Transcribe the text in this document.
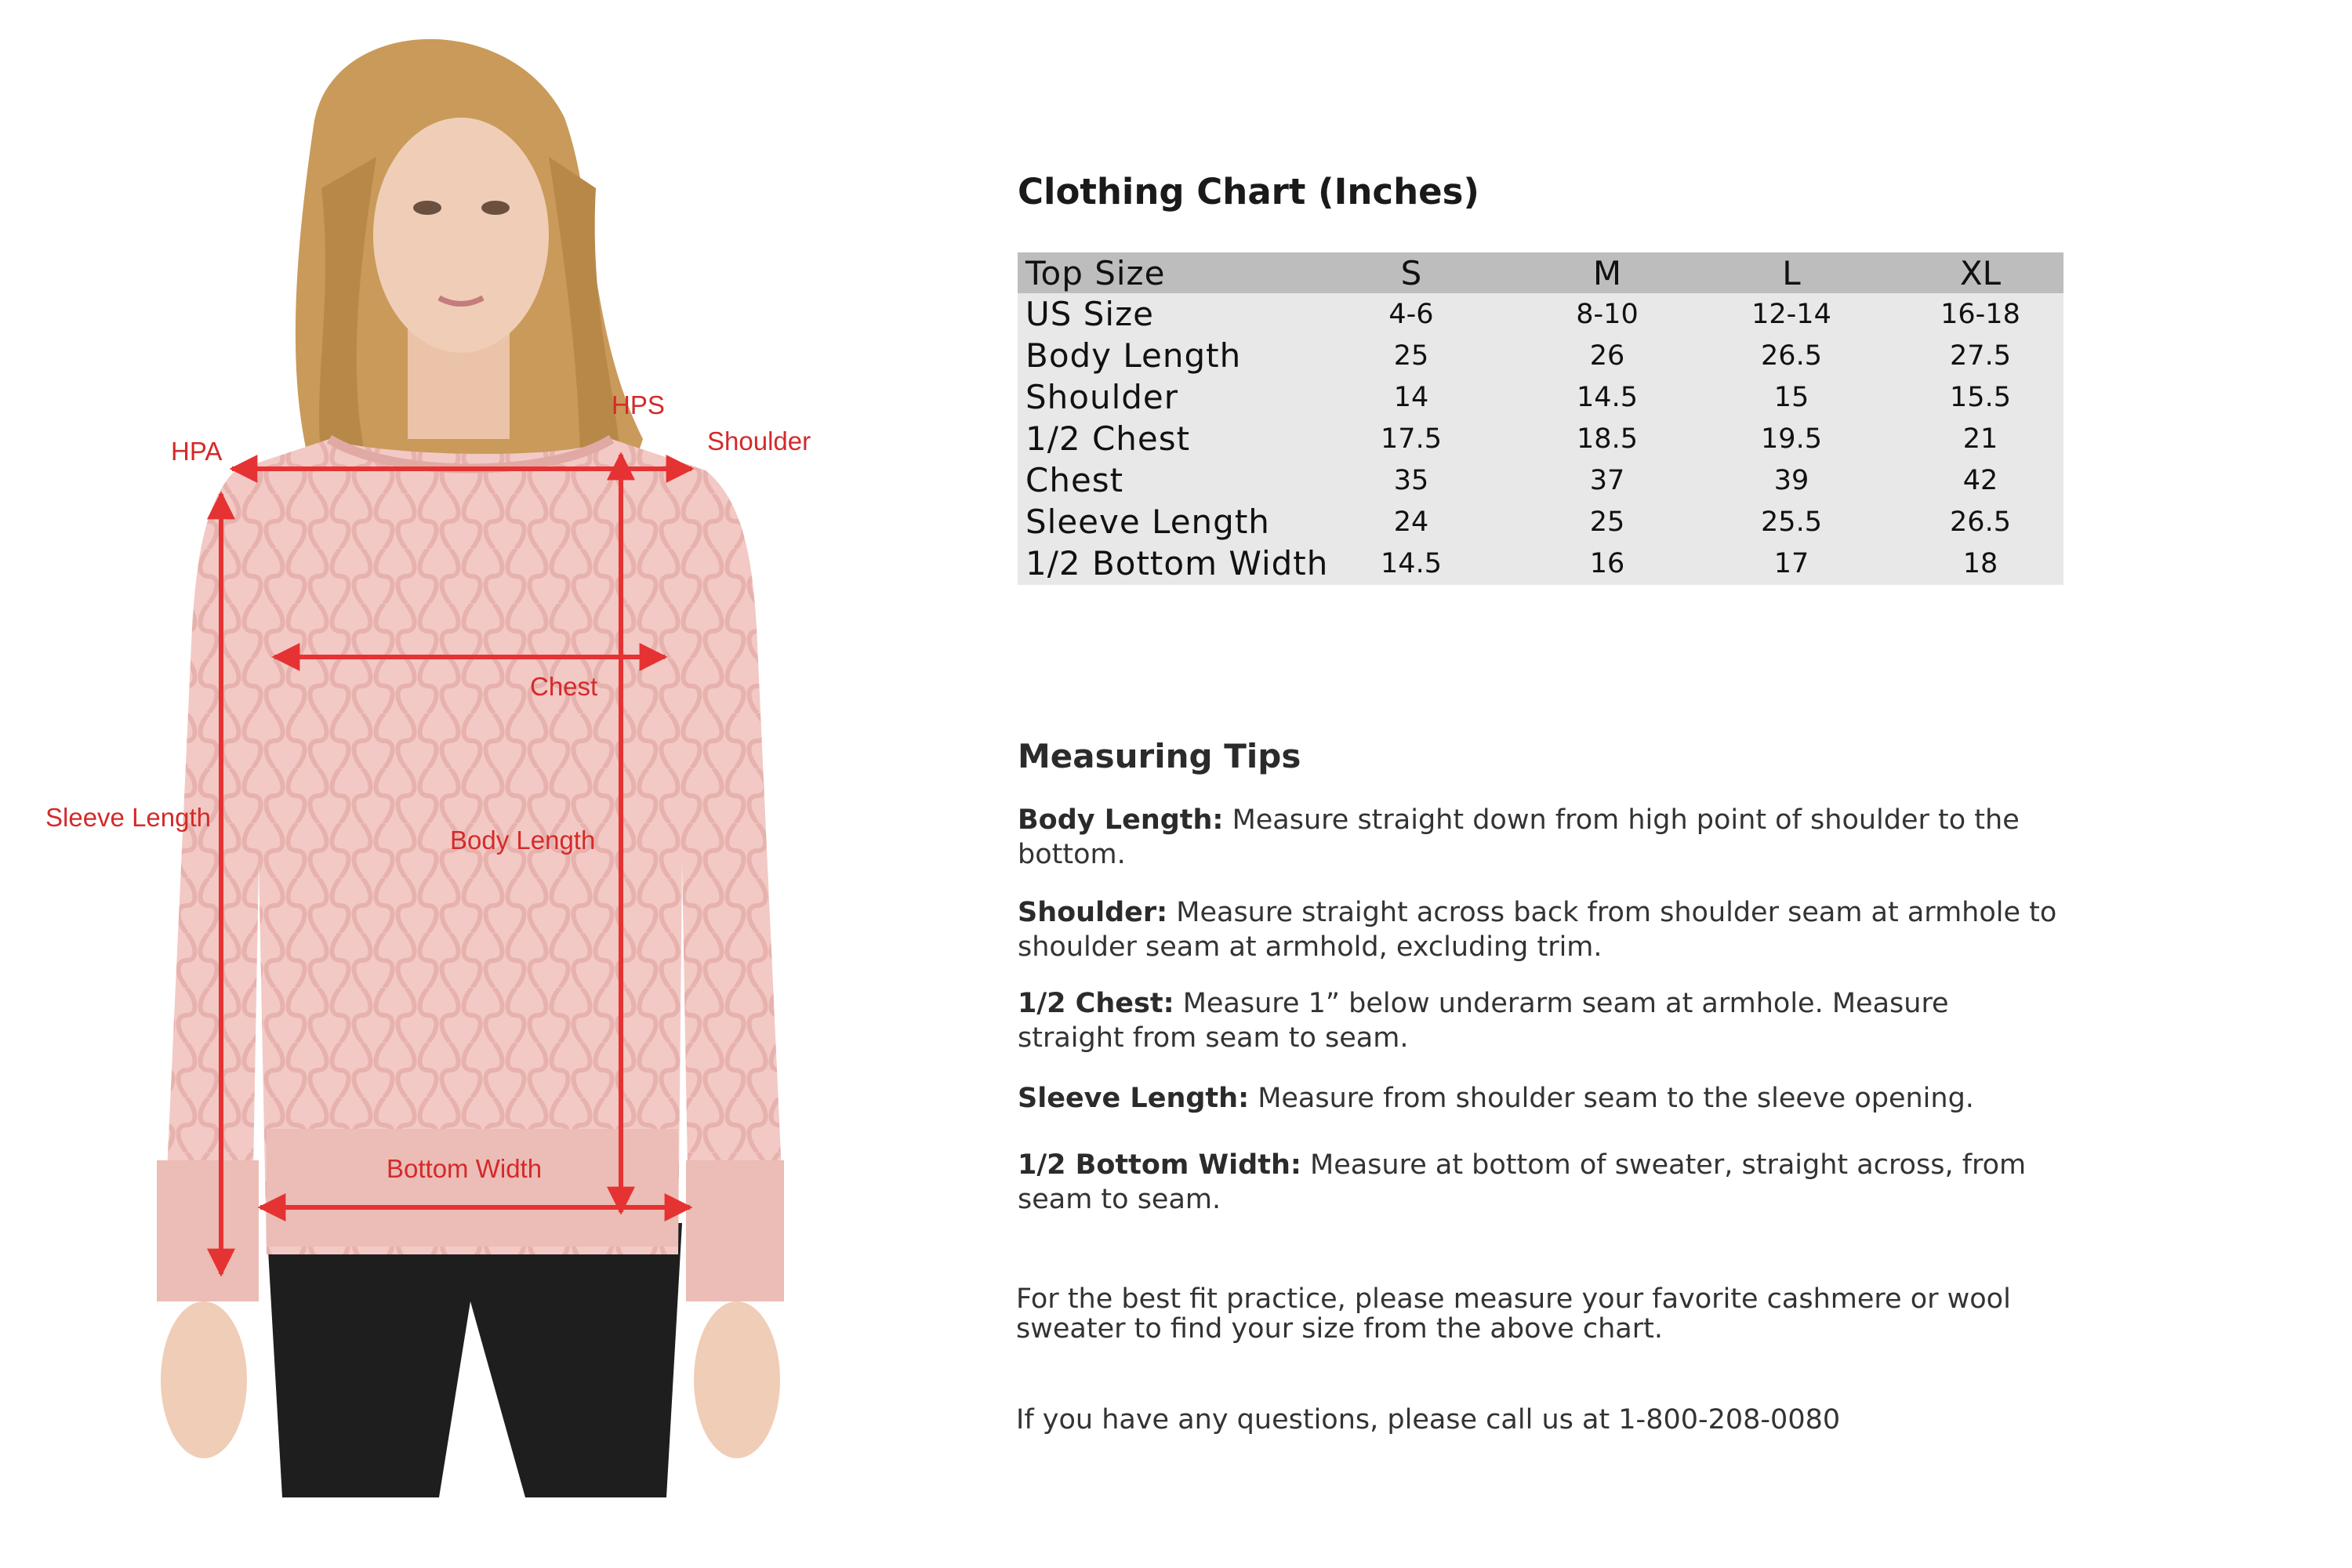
HPA
HPS
Shoulder
Chest
Sleeve Length
Body Length
Bottom Width
Clothing Chart (Inches)
Top Size	S	M	L	XL
US Size	4-6	8-10	12-14	16-18
Body Length	25	26	26.5	27.5
Shoulder	14	14.5	15	15.5
1/2 Chest	17.5	18.5	19.5	21
Chest	35	37	39	42
Sleeve Length	24	25	25.5	26.5
1/2 Bottom Width	14.5	16	17	18
Measuring Tips
Body Length: Measure straight down from high point of shoulder to the bottom.
Shoulder: Measure straight across back from shoulder seam at armhole to shoulder seam at armhold, excluding trim.
1/2 Chest: Measure 1” below underarm seam at armhole. Measure straight from seam to seam.
Sleeve Length: Measure from shoulder seam to the sleeve opening.
1/2 Bottom Width: Measure at bottom of sweater, straight across, from seam to seam.
For the best fit practice, please measure your favorite cashmere or wool sweater to find your size from the above chart.
If you have any questions, please call us at 1-800-208-0080
